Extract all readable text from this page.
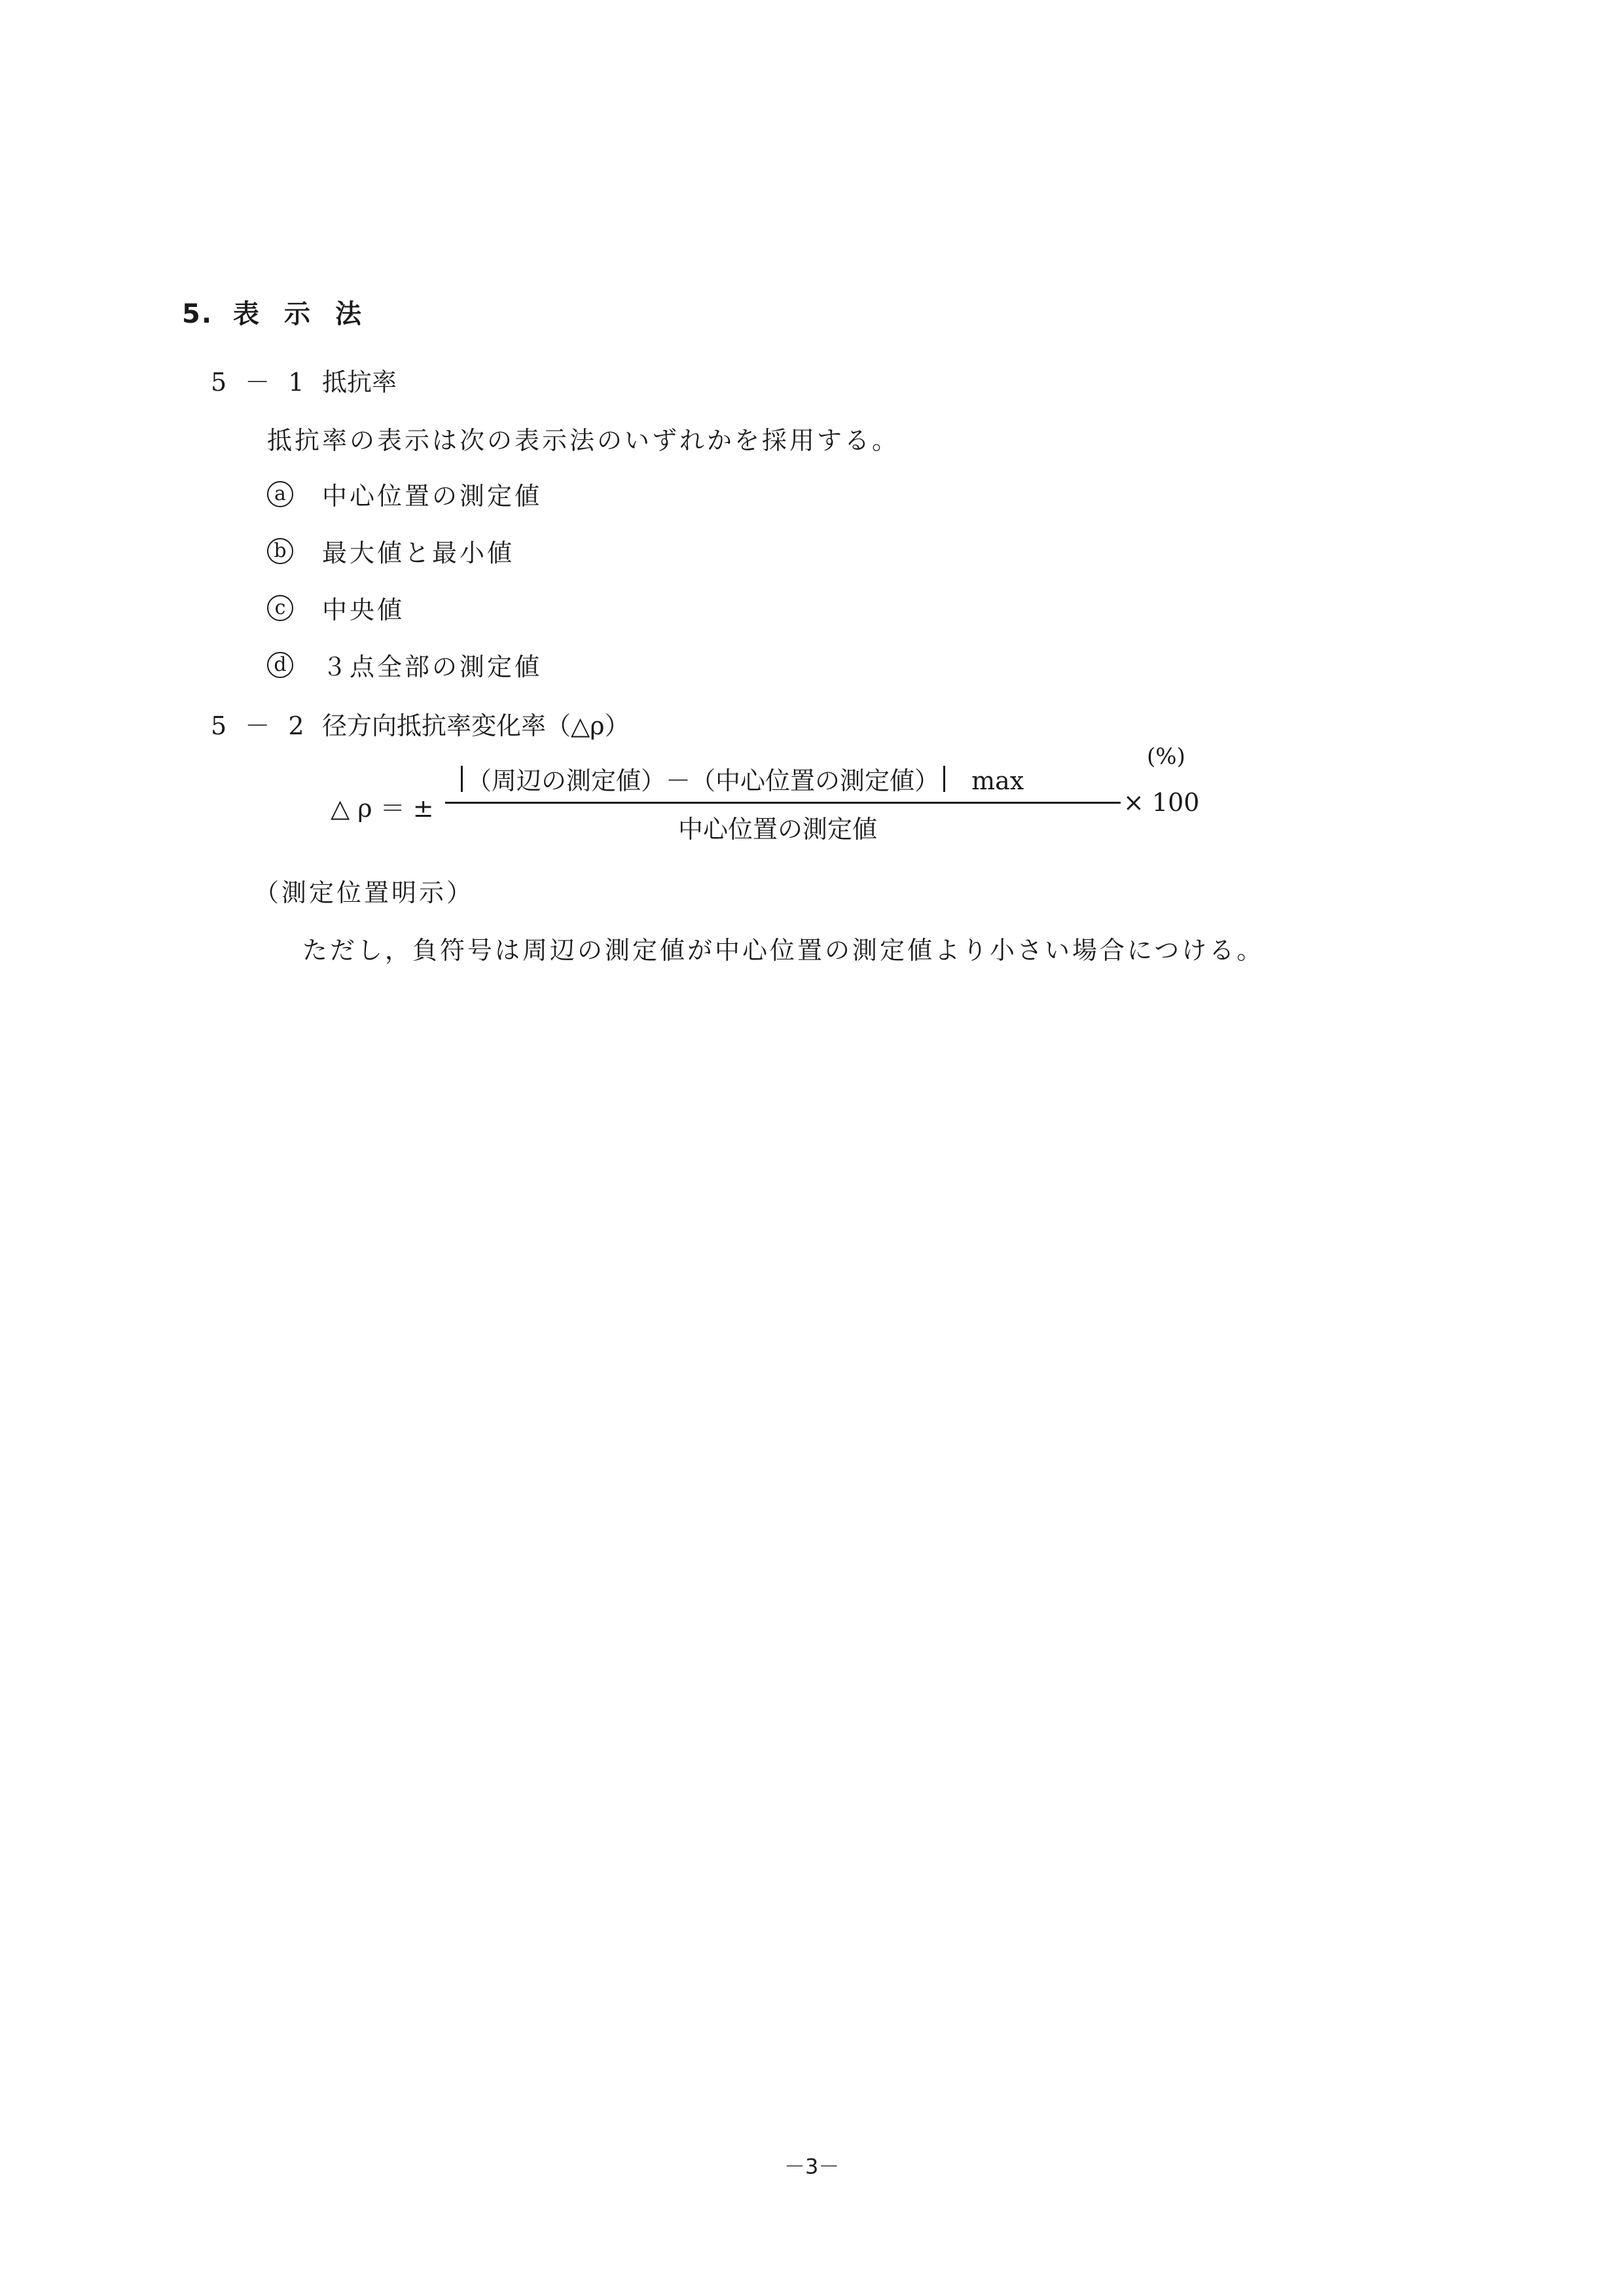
5. 表示法
5 － 1 抵抗率
抵抗率の表示は次の表示法のいずれかを採用する。
a 中心位置の測定値
b 最大値と最小値
c 中央値
d ３点全部の測定値
5 － 2 径方向抵抗率変化率（△ρ）
△ ρ ＝ ±
（周辺の測定値）－（中心位置の測定値） max
(%)
× 100
中心位置の測定値
（測定位置明示）
ただし，負符号は周辺の測定値が中心位置の測定値より小さい場合につける。
－3－
